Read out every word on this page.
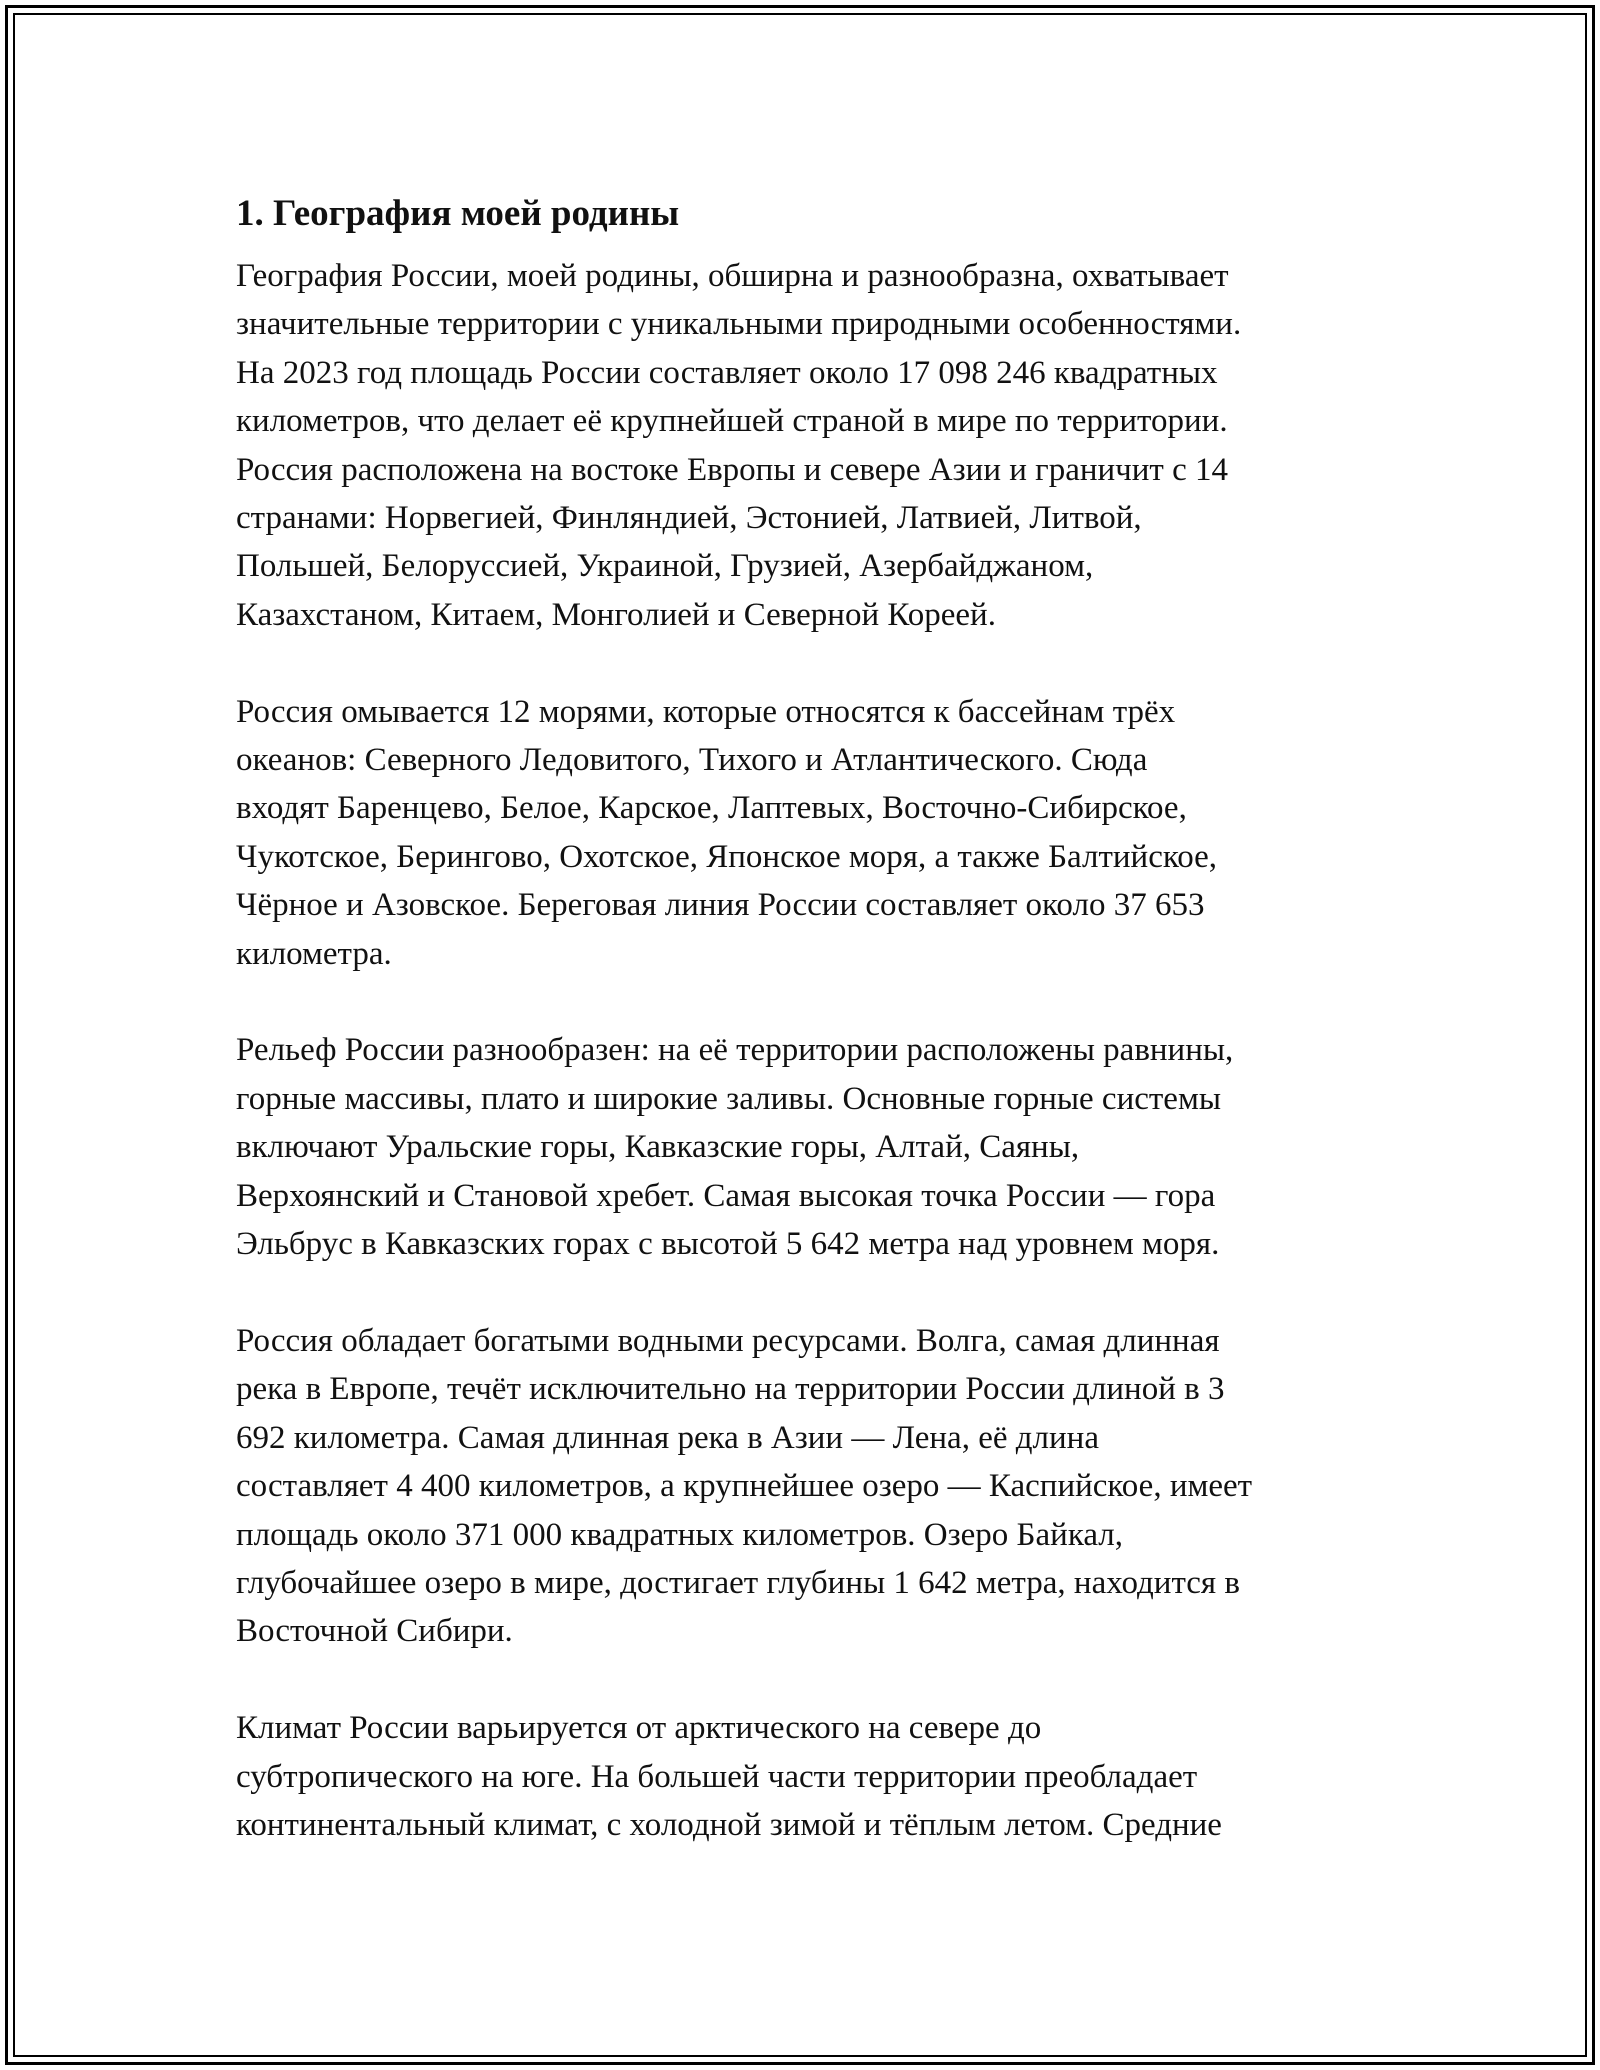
1. География моей родины

География России, моей родины, обширна и разнообразна, охватывает
значительные территории с уникальными природными особенностями.
На 2023 год площадь России составляет около 17 098 246 квадратных
километров, что делает её крупнейшей страной в мире по территории.
Россия расположена на востоке Европы и севере Азии и граничит с 14
странами: Норвегией, Финляндией, Эстонией, Латвией, Литвой,
Польшей, Белоруссией, Украиной, Грузией, Азербайджаном,
Казахстаном, Китаем, Монголией и Северной Кореей.

Россия омывается 12 морями, которые относятся к бассейнам трёх
океанов: Северного Ледовитого, Тихого и Атлантического. Сюда
входят Баренцево, Белое, Карское, Лаптевых, Восточно-Сибирское,
Чукотское, Берингово, Охотское, Японское моря, а также Балтийское,
Чёрное и Азовское. Береговая линия России составляет около 37 653
километра.

Рельеф России разнообразен: на её территории расположены равнины,
горные массивы, плато и широкие заливы. Основные горные системы
включают Уральские горы, Кавказские горы, Алтай, Саяны,
Верхоянский и Становой хребет. Самая высокая точка России — гора
Эльбрус в Кавказских горах с высотой 5 642 метра над уровнем моря.

Россия обладает богатыми водными ресурсами. Волга, самая длинная
река в Европе, течёт исключительно на территории России длиной в 3
692 километра. Самая длинная река в Азии — Лена, её длина
составляет 4 400 километров, а крупнейшее озеро — Каспийское, имеет
площадь около 371 000 квадратных километров. Озеро Байкал,
глубочайшее озеро в мире, достигает глубины 1 642 метра, находится в
Восточной Сибири.

Климат России варьируется от арктического на севере до
субтропического на юге. На большей части территории преобладает
континентальный климат, с холодной зимой и тёплым летом. Средние
